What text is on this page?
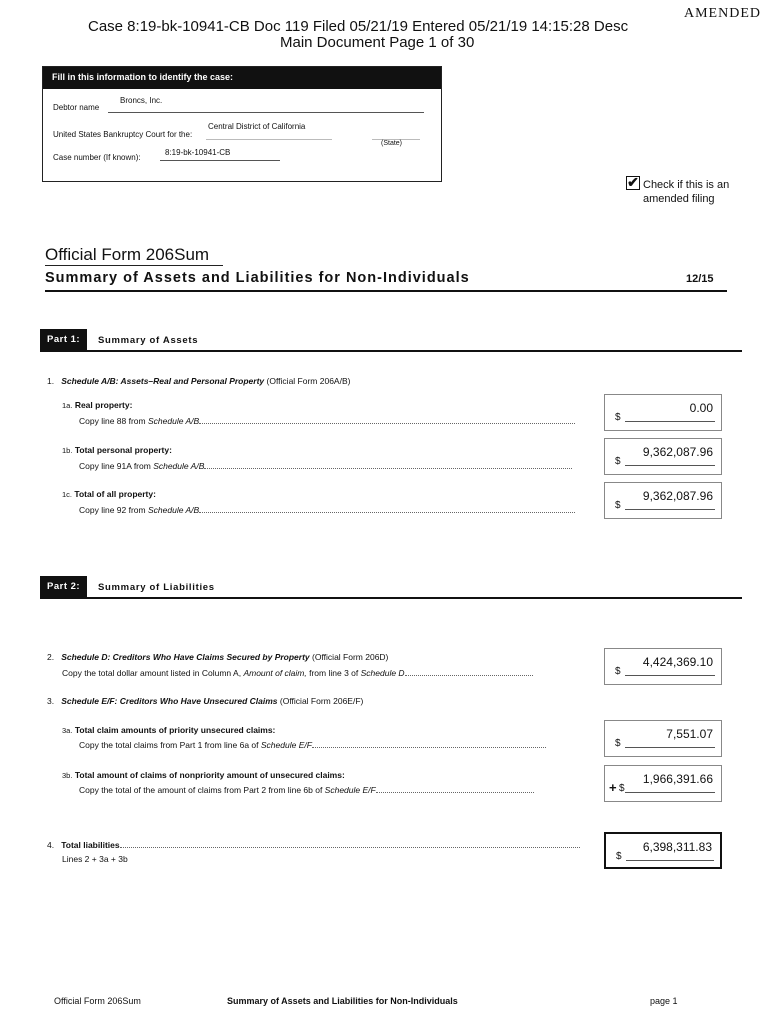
Case 8:19-bk-10941-CB Doc 119 Filed 05/21/19 Entered 05/21/19 14:15:28 Desc
Main Document Page 1 of 30
AMENDED
Fill in this information to identify the case:
Broncs, Inc.
Debtor name
Central District of California
United States Bankruptcy Court for the:
(State)
8:19-bk-10941-CB
Case number (If known):
✔ Check if this is an amended filing
Official Form 206Sum
Summary of Assets and Liabilities for Non-Individuals	12/15
Part 1:	Summary of Assets
1. Schedule A/B: Assets–Real and Personal Property (Official Form 206A/B)
1a. Real property:
Copy line 88 from Schedule A/B	$
0.00
1b. Total personal property:
Copy line 91A from Schedule A/B	$
9,362,087.96
1c. Total of all property:
Copy line 92 from Schedule A/B	$
9,362,087.96
Part 2:	Summary of Liabilities
2. Schedule D: Creditors Who Have Claims Secured by Property (Official Form 206D)
Copy the total dollar amount listed in Column A, Amount of claim, from line 3 of Schedule D	$
4,424,369.10
3. Schedule E/F: Creditors Who Have Unsecured Claims (Official Form 206E/F)
3a. Total claim amounts of priority unsecured claims:
Copy the total claims from Part 1 from line 6a of Schedule E/F	$
7,551.07
3b. Total amount of claims of nonpriority amount of unsecured claims:
Copy the total of the amount of claims from Part 2 from line 6b of Schedule E/F	+ $
1,966,391.66
4. Total liabilities
Lines 2 + 3a + 3b	$
6,398,311.83
Official Form 206Sum	Summary of Assets and Liabilities for Non-Individuals	page 1
